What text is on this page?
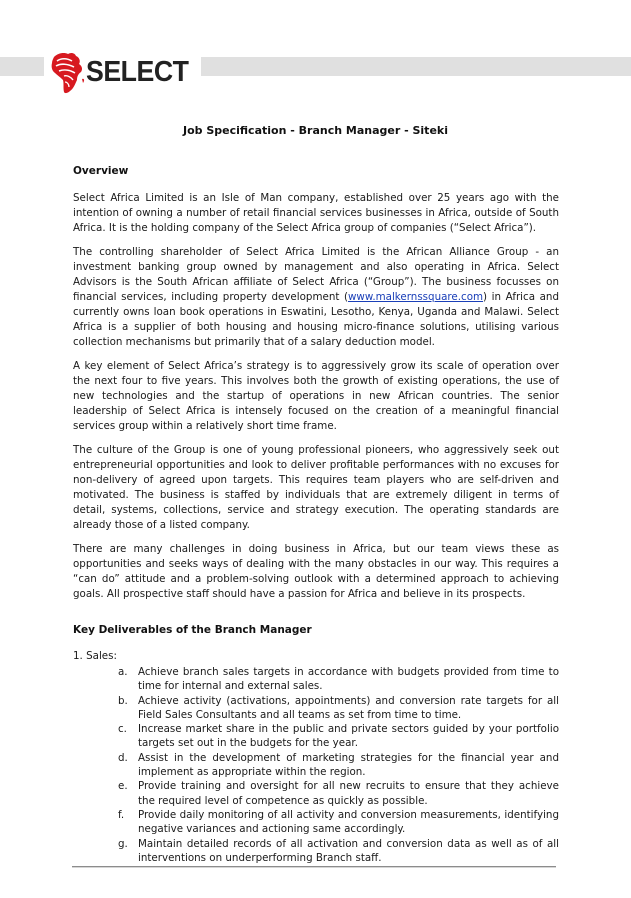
SELECT
Job Specification - Branch Manager - Siteki
Overview

Select Africa Limited is an Isle of Man company, established over 25 years ago with the intention of owning a number of retail financial services businesses in Africa, outside of South Africa. It is the holding company of the Select Africa group of companies (“Select Africa”).

The controlling shareholder of Select Africa Limited is the African Alliance Group - an investment banking group owned by management and also operating in Africa. Select Advisors is the South African affiliate of Select Africa (“Group”). The business focusses on financial services, including property development (www.malkernssquare.com) in Africa and currently owns loan book operations in Eswatini, Lesotho, Kenya, Uganda and Malawi. Select Africa is a supplier of both housing and housing micro-finance solutions, utilising various collection mechanisms but primarily that of a salary deduction model.

A key element of Select Africa’s strategy is to aggressively grow its scale of operation over the next four to five years. This involves both the growth of existing operations, the use of new technologies and the startup of operations in new African countries. The senior leadership of Select Africa is intensely focused on the creation of a meaningful financial services group within a relatively short time frame.

The culture of the Group is one of young professional pioneers, who aggressively seek out entrepreneurial opportunities and look to deliver profitable performances with no excuses for non-delivery of agreed upon targets. This requires team players who are self-driven and motivated. The business is staffed by individuals that are extremely diligent in terms of detail, systems, collections, service and strategy execution. The operating standards are already those of a listed company.

There are many challenges in doing business in Africa, but our team views these as opportunities and seeks ways of dealing with the many obstacles in our way. This requires a “can do” attitude and a problem-solving outlook with a determined approach to achieving goals. All prospective staff should have a passion for Africa and believe in its prospects.

Key Deliverables of the Branch Manager
1. Sales:
a. Achieve branch sales targets in accordance with budgets provided from time to time for internal and external sales.
b. Achieve activity (activations, appointments) and conversion rate targets for all Field Sales Consultants and all teams as set from time to time.
c. Increase market share in the public and private sectors guided by your portfolio targets set out in the budgets for the year.
d. Assist in the development of marketing strategies for the financial year and implement as appropriate within the region.
e. Provide training and oversight for all new recruits to ensure that they achieve the required level of competence as quickly as possible.
f. Provide daily monitoring of all activity and conversion measurements, identifying negative variances and actioning same accordingly.
g. Maintain detailed records of all activation and conversion data as well as of all interventions on underperforming Branch staff.
